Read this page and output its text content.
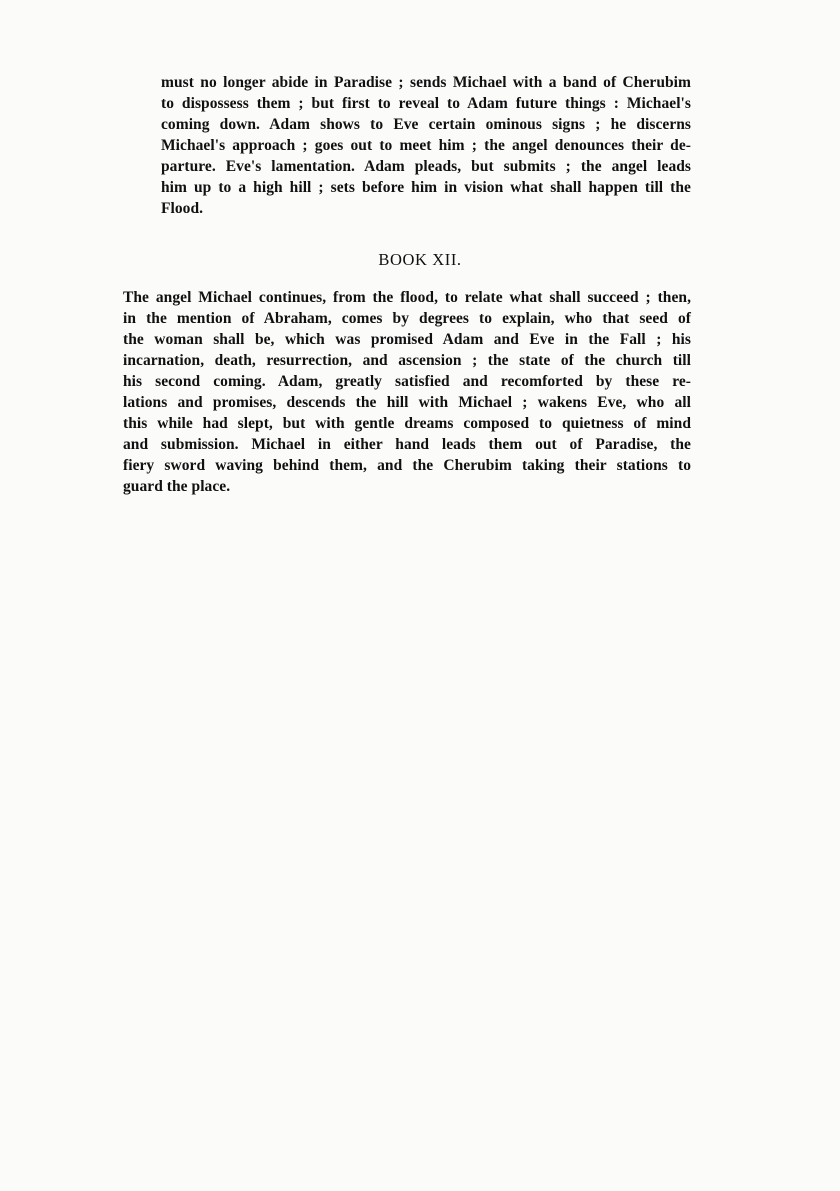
must no longer abide in Paradise ; sends Michael with a band of Cherubim
to dispossess them ; but first to reveal to Adam future things : Michael's
coming down. Adam shows to Eve certain ominous signs ; he discerns
Michael's approach ; goes out to meet him ; the angel denounces their de-
parture. Eve's lamentation. Adam pleads, but submits ; the angel leads
him up to a high hill ; sets before him in vision what shall happen till the
Flood.
BOOK XII.
The angel Michael continues, from the flood, to relate what shall succeed ; then,
in the mention of Abraham, comes by degrees to explain, who that seed of
the woman shall be, which was promised Adam and Eve in the Fall ; his
incarnation, death, resurrection, and ascension ; the state of the church till
his second coming. Adam, greatly satisfied and recomforted by these re-
lations and promises, descends the hill with Michael ; wakens Eve, who all
this while had slept, but with gentle dreams composed to quietness of mind
and submission. Michael in either hand leads them out of Paradise, the
fiery sword waving behind them, and the Cherubim taking their stations to
guard the place.
